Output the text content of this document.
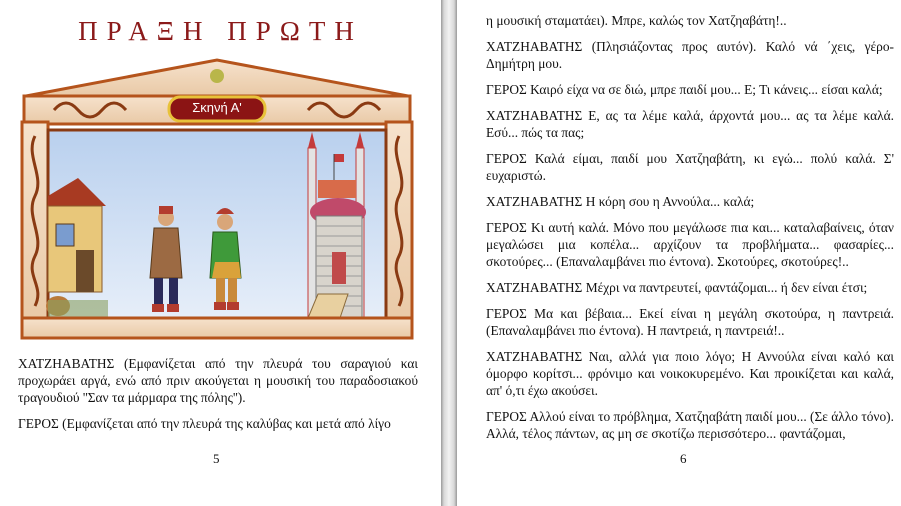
ΠΡΑΞΗ ΠΡΩΤΗ
Σκηνή Α'

ΧΑΤΖΗΑΒΑΤΗΣ (Εμφανίζεται από την πλευρά του σαραγιού και προχωράει αργά, ενώ από πριν ακούγεται η μουσική του παραδοσιακού τραγουδιού ''Σαν τα μάρμαρα της πόλης'').

ΓΕΡΟΣ (Εμφανίζεται από την πλευρά της καλύβας και μετά από λίγο

5

η μουσική σταματάει). Μπρε, καλώς τον Χατζηαβάτη!..

ΧΑΤΖΗΑΒΑΤΗΣ (Πλησιάζοντας προς αυτόν). Καλό νά ΄χεις, γέρο-Δημήτρη μου.

ΓΕΡΟΣ Καιρό είχα να σε διώ, μπρε παιδί μου... Ε; Τι κάνεις... είσαι καλά;

ΧΑΤΖΗΑΒΑΤΗΣ Ε, ας τα λέμε καλά, άρχοντά μου... ας τα λέμε καλά. Εσύ... πώς τα πας;

ΓΕΡΟΣ Καλά είμαι, παιδί μου Χατζηαβάτη, κι εγώ... πολύ καλά. Σ' ευχαριστώ.

ΧΑΤΖΗΑΒΑΤΗΣ Η κόρη σου η Αννούλα... καλά;

ΓΕΡΟΣ Κι αυτή καλά. Μόνο που μεγάλωσε πια και... καταλαβαίνεις, όταν μεγαλώσει μια κοπέλα... αρχίζουν τα προβλήματα... φασαρίες... σκοτούρες... (Επαναλαμβάνει πιο έντονα). Σκοτούρες, σκοτούρες!..

ΧΑΤΖΗΑΒΑΤΗΣ Μέχρι να παντρευτεί, φαντάζομαι... ή δεν είναι έτσι;

ΓΕΡΟΣ Μα και βέβαια... Εκεί είναι η μεγάλη σκοτούρα, η παντρειά. (Επαναλαμβάνει πιο έντονα). Η παντρειά, η παντρειά!..

ΧΑΤΖΗΑΒΑΤΗΣ Ναι, αλλά για ποιο λόγο; Η Αννούλα είναι καλό και όμορφο κορίτσι... φρόνιμο και νοικοκυρεμένο. Και προικίζεται και καλά, απ' ό,τι έχω ακούσει.

ΓΕΡΟΣ Αλλού είναι το πρόβλημα, Χατζηαβάτη παιδί μου... (Σε άλλο τόνο). Αλλά, τέλος πάντων, ας μη σε σκοτίζω περισσότερο... φαντάζομαι,

6
